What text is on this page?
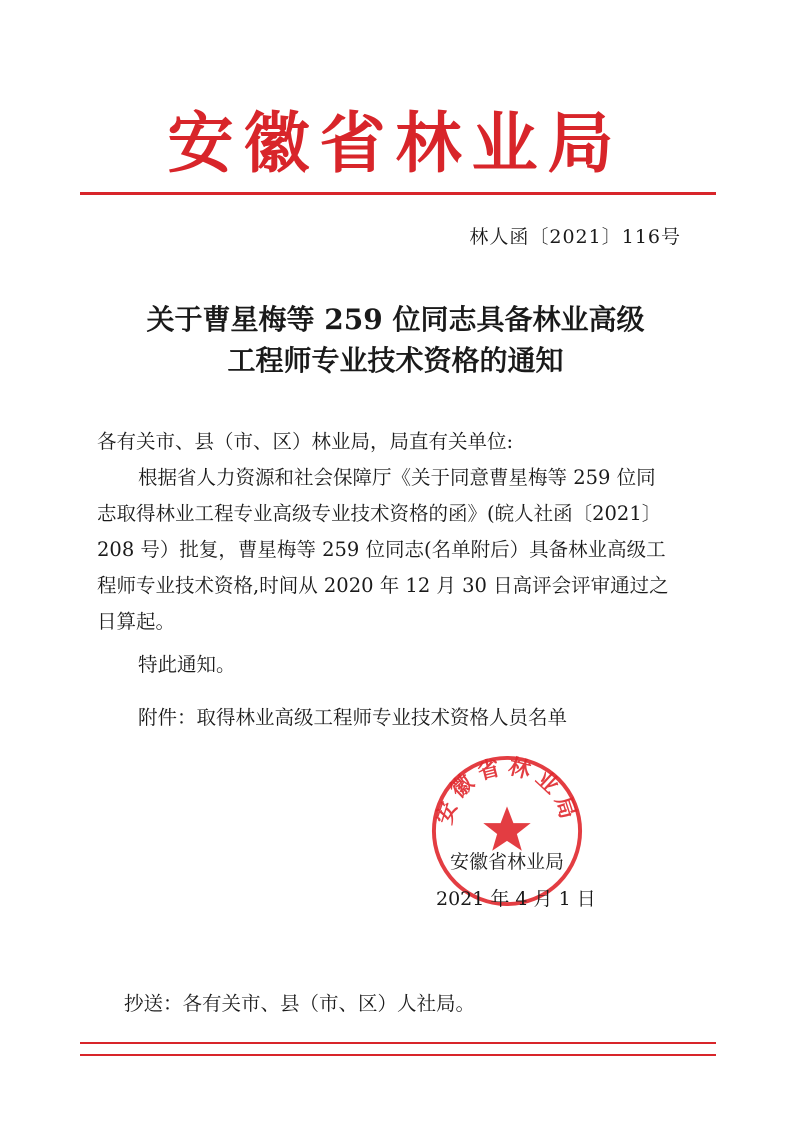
安徽省林业局
林人函〔2021〕116号
关于曹星梅等 259 位同志具备林业高级
工程师专业技术资格的通知
各有关市、县（市、区）林业局，局直有关单位:
根据省人力资源和社会保障厅《关于同意曹星梅等 259 位同
志取得林业工程专业高级专业技术资格的函》(皖人社函〔2021〕
208 号）批复，曹星梅等 259 位同志(名单附后）具备林业高级工
程师专业技术资格,时间从 2020 年 12 月 30 日高评会评审通过之
日算起。
特此通知。
附件：取得林业高级工程师专业技术资格人员名单
安徽省林业局
安徽省林业局
2021 年 4 月 1 日
抄送：各有关市、县（市、区）人社局。
